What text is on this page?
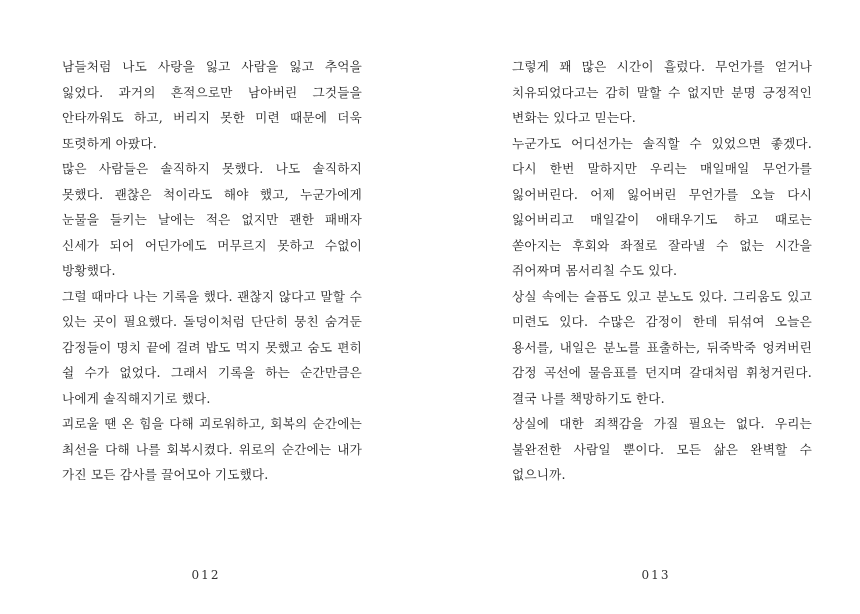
남들처럼 나도 사랑을 잃고 사람을 잃고 추억을 잃었다. 과거의 흔적으로만 남아버린 그것들을 안타까워도 하고, 버리지 못한 미련 때문에 더욱 또렷하게 아팠다.

많은 사람들은 솔직하지 못했다. 나도 솔직하지 못했다. 괜찮은 척이라도 해야 했고, 누군가에게 눈물을 들키는 날에는 적은 없지만 괜한 패배자 신세가 되어 어딘가에도 머무르지 못하고 수없이 방황했다.

그럴 때마다 나는 기록을 했다. 괜찮지 않다고 말할 수 있는 곳이 필요했다. 돌덩이처럼 단단히 뭉친 숨겨둔 감정들이 명치 끝에 걸려 밥도 먹지 못했고 숨도 편히 쉴 수가 없었다. 그래서 기록을 하는 순간만큼은 나에게 솔직해지기로 했다.

괴로울 땐 온 힘을 다해 괴로워하고, 회복의 순간에는 최선을 다해 나를 회복시켰다. 위로의 순간에는 내가 가진 모든 감사를 끌어모아 기도했다.

그렇게 꽤 많은 시간이 흘렀다. 무언가를 얻거나 치유되었다고는 감히 말할 수 없지만 분명 긍정적인 변화는 있다고 믿는다.

누군가도 어디선가는 솔직할 수 있었으면 좋겠다. 다시 한번 말하지만 우리는 매일매일 무언가를 잃어버린다. 어제 잃어버린 무언가를 오늘 다시 잃어버리고 매일같이 애태우기도 하고 때로는 쏟아지는 후회와 좌절로 잘라낼 수 없는 시간을 쥐어짜며 몸서리칠 수도 있다.

상실 속에는 슬픔도 있고 분노도 있다. 그리움도 있고 미련도 있다. 수많은 감정이 한데 뒤섞여 오늘은 용서를, 내일은 분노를 표출하는, 뒤죽박죽 엉켜버린 감정 곡선에 물음표를 던지며 갈대처럼 휘청거린다. 결국 나를 책망하기도 한다.

상실에 대한 죄책감을 가질 필요는 없다. 우리는 불완전한 사람일 뿐이다. 모든 삶은 완벽할 수 없으니까.

012	013
